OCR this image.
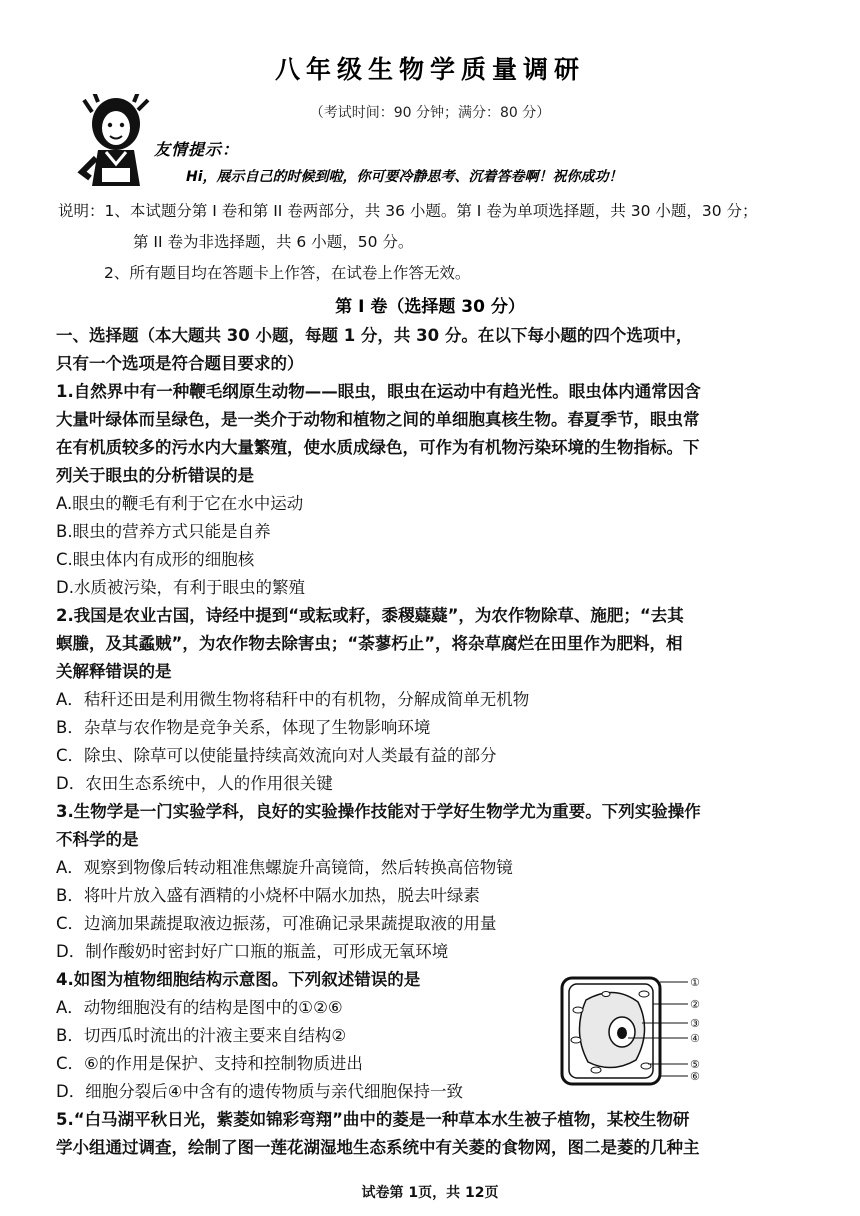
八年级生物学质量调研
（考试时间：90 分钟；满分：80 分）
友情提示：
Hi，展示自己的时候到啦，你可要冷静思考、沉着答卷啊！祝你成功！
说明：1、本试题分第 I 卷和第 II 卷两部分，共 36 小题。第 I 卷为单项选择题，共 30 小题，30 分；
第 II 卷为非选择题，共 6 小题，50 分。
2、所有题目均在答题卡上作答，在试卷上作答无效。
第 I 卷（选择题 30 分）

一、选择题（本大题共 30 小题，每题 1 分，共 30 分。在以下每小题的四个选项中，

只有一个选项是符合题目要求的）

1.自然界中有一种鞭毛纲原生动物——眼虫，眼虫在运动中有趋光性。眼虫体内通常因含

大量叶绿体而呈绿色，是一类介于动物和植物之间的单细胞真核生物。春夏季节，眼虫常

在有机质较多的污水内大量繁殖，使水质成绿色，可作为有机物污染环境的生物指标。下

列关于眼虫的分析错误的是

A.眼虫的鞭毛有利于它在水中运动

B.眼虫的营养方式只能是自养

C.眼虫体内有成形的细胞核

D.水质被污染，有利于眼虫的繁殖

2.我国是农业古国，诗经中提到“或耘或耔，黍稷薿薿”，为农作物除草、施肥；“去其

螟螣，及其蟊贼”，为农作物去除害虫；“荼蓼朽止”，将杂草腐烂在田里作为肥料，相

关解释错误的是

A．秸秆还田是利用微生物将秸秆中的有机物，分解成简单无机物

B．杂草与农作物是竞争关系，体现了生物影响环境

C．除虫、除草可以使能量持续高效流向对人类最有益的部分

D．农田生态系统中，人的作用很关键

3.生物学是一门实验学科，良好的实验操作技能对于学好生物学尤为重要。下列实验操作

不科学的是

A．观察到物像后转动粗准焦螺旋升高镜筒，然后转换高倍物镜

B．将叶片放入盛有酒精的小烧杯中隔水加热，脱去叶绿素

C．边滴加果蔬提取液边振荡，可准确记录果蔬提取液的用量

D．制作酸奶时密封好广口瓶的瓶盖，可形成无氧环境

4.如图为植物细胞结构示意图。下列叙述错误的是

A．动物细胞没有的结构是图中的①②⑥

B．切西瓜时流出的汁液主要来自结构②

C．⑥的作用是保护、支持和控制物质进出

D．细胞分裂后④中含有的遗传物质与亲代细胞保持一致

5.“白马湖平秋日光，紫菱如锦彩弯翔”曲中的菱是一种草本水生被子植物，某校生物研

学小组通过调查，绘制了图一莲花湖湿地生态系统中有关菱的食物网，图二是菱的几种主

①
②
③
④
⑤
⑥
试卷第 1页，共 12页
